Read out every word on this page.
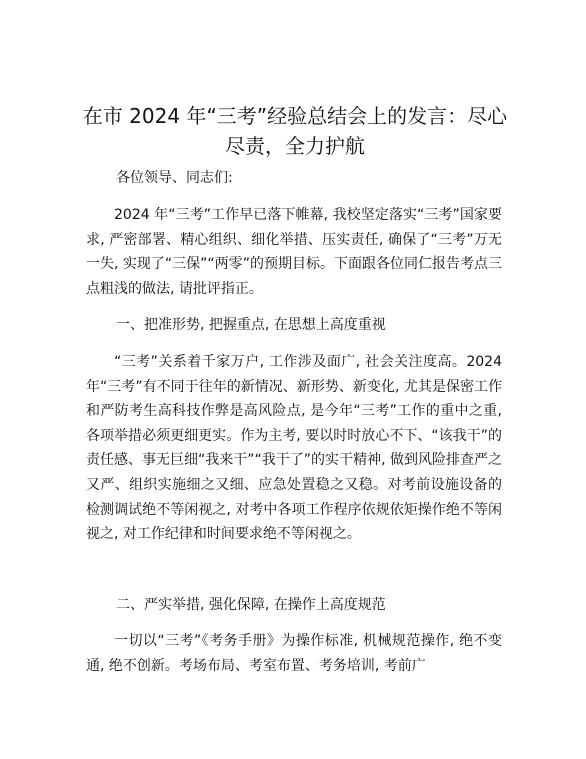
在市 2024 年“三考”经验总结会上的发言：尽心尽责，全力护航

各位领导、同志们:

2024 年“三考”工作早已落下帷幕, 我校坚定落实“三考”国家要求, 严密部署、精心组织、细化举措、压实责任, 确保了“三考”万无一失, 实现了“三保”“两零”的预期目标。下面跟各位同仁报告考点三点粗浅的做法, 请批评指正。

一、把准形势, 把握重点, 在思想上高度重视

“三考”关系着千家万户, 工作涉及面广, 社会关注度高。2024 年“三考”有不同于往年的新情况、新形势、新变化, 尤其是保密工作和严防考生高科技作弊是高风险点, 是今年“三考”工作的重中之重, 各项举措必须更细更实。作为主考, 要以时时放心不下、“该我干”的责任感、事无巨细“我来干”“我干了”的实干精神, 做到风险排查严之又严、组织实施细之又细、应急处置稳之又稳。对考前设施设备的检测调试绝不等闲视之, 对考中各项工作程序依规依矩操作绝不等闲视之, 对工作纪律和时间要求绝不等闲视之。

二、严实举措, 强化保障, 在操作上高度规范

一切以“三考”《考务手册》为操作标准, 机械规范操作, 绝不变通, 绝不创新。考场布局、考室布置、考务培训, 考前广
